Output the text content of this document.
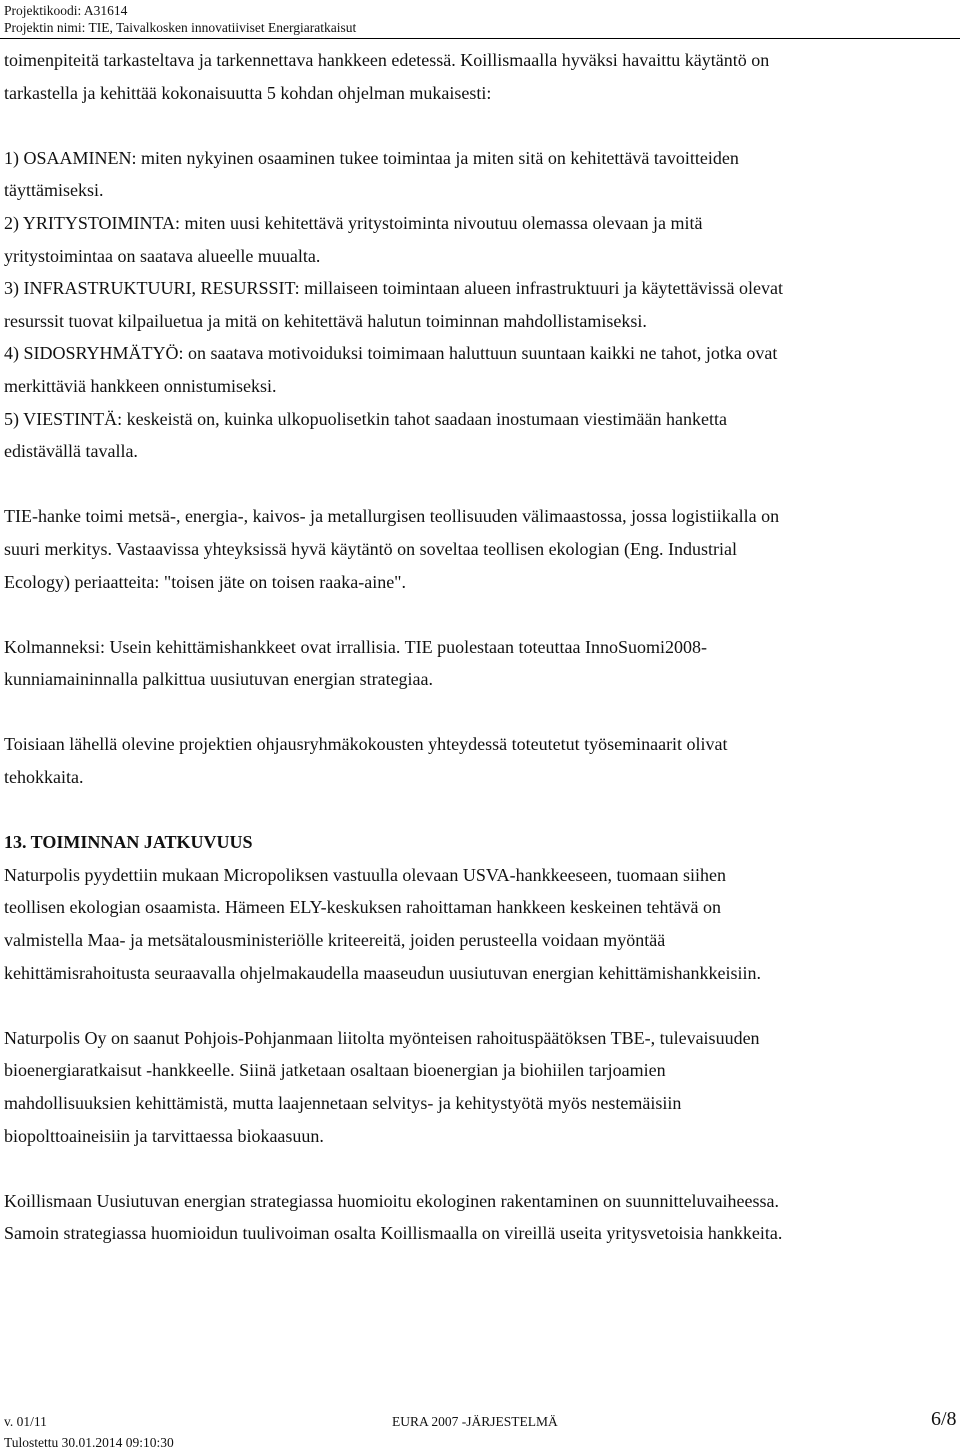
Projektikoodi: A31614
Projektin nimi: TIE, Taivalkosken innovatiiviset Energiaratkaisut

toimenpiteitä tarkasteltava ja tarkennettava hankkeen edetessä. Koillismaalla hyväksi havaittu käytäntö on

tarkastella ja kehittää kokonaisuutta 5 kohdan ohjelman mukaisesti:

1) OSAAMINEN: miten nykyinen osaaminen tukee toimintaa ja miten sitä on kehitettävä tavoitteiden

täyttämiseksi.

2) YRITYSTOIMINTA: miten uusi kehitettävä yritystoiminta nivoutuu olemassa olevaan ja mitä

yritystoimintaa on saatava alueelle muualta.

3) INFRASTRUKTUURI, RESURSSIT: millaiseen toimintaan alueen infrastruktuuri ja käytettävissä olevat

resurssit tuovat kilpailuetua ja mitä on kehitettävä halutun toiminnan mahdollistamiseksi.

4) SIDOSRYHMÄTYÖ: on saatava motivoiduksi toimimaan haluttuun suuntaan kaikki ne tahot, jotka ovat

merkittäviä hankkeen onnistumiseksi.

5) VIESTINTÄ: keskeistä on, kuinka ulkopuolisetkin tahot saadaan inostumaan viestimään hanketta

edistävällä tavalla.

TIE-hanke toimi metsä-, energia-, kaivos- ja metallurgisen teollisuuden välimaastossa, jossa logistiikalla on

suuri merkitys. Vastaavissa yhteyksissä hyvä käytäntö on soveltaa teollisen ekologian (Eng. Industrial

Ecology) periaatteita: "toisen jäte on toisen raaka-aine".

Kolmanneksi: Usein kehittämishankkeet ovat irrallisia. TIE puolestaan toteuttaa InnoSuomi2008-

kunniamaininnalla palkittua uusiutuvan energian strategiaa.

Toisiaan lähellä olevine projektien ohjausryhmäkokousten yhteydessä toteutetut työseminaarit olivat

tehokkaita.

13. TOIMINNAN JATKUVUUS

Naturpolis pyydettiin mukaan Micropoliksen vastuulla olevaan USVA-hankkeeseen, tuomaan siihen

teollisen ekologian osaamista. Hämeen ELY-keskuksen rahoittaman hankkeen keskeinen tehtävä on

valmistella Maa- ja metsätalousministeriölle kriteereitä, joiden perusteella voidaan myöntää

kehittämisrahoitusta seuraavalla ohjelmakaudella maaseudun uusiutuvan energian kehittämishankkeisiin.

Naturpolis Oy on saanut Pohjois-Pohjanmaan liitolta myönteisen rahoituspäätöksen TBE-, tulevaisuuden

bioenergiaratkaisut -hankkeelle. Siinä jatketaan osaltaan bioenergian ja biohiilen tarjoamien

mahdollisuuksien kehittämistä, mutta laajennetaan selvitys- ja kehitystyötä myös nestemäisiin

biopolttoaineisiin ja tarvittaessa biokaasuun.

Koillismaan Uusiutuvan energian strategiassa huomioitu ekologinen rakentaminen on suunnitteluvaiheessa.

Samoin strategiassa huomioidun tuulivoiman osalta Koillismaalla on vireillä useita yritysvetoisia hankkeita.

v. 01/11	EURA 2007 -JÄRJESTELMÄ	6/8
Tulostettu 30.01.2014 09:10:30
